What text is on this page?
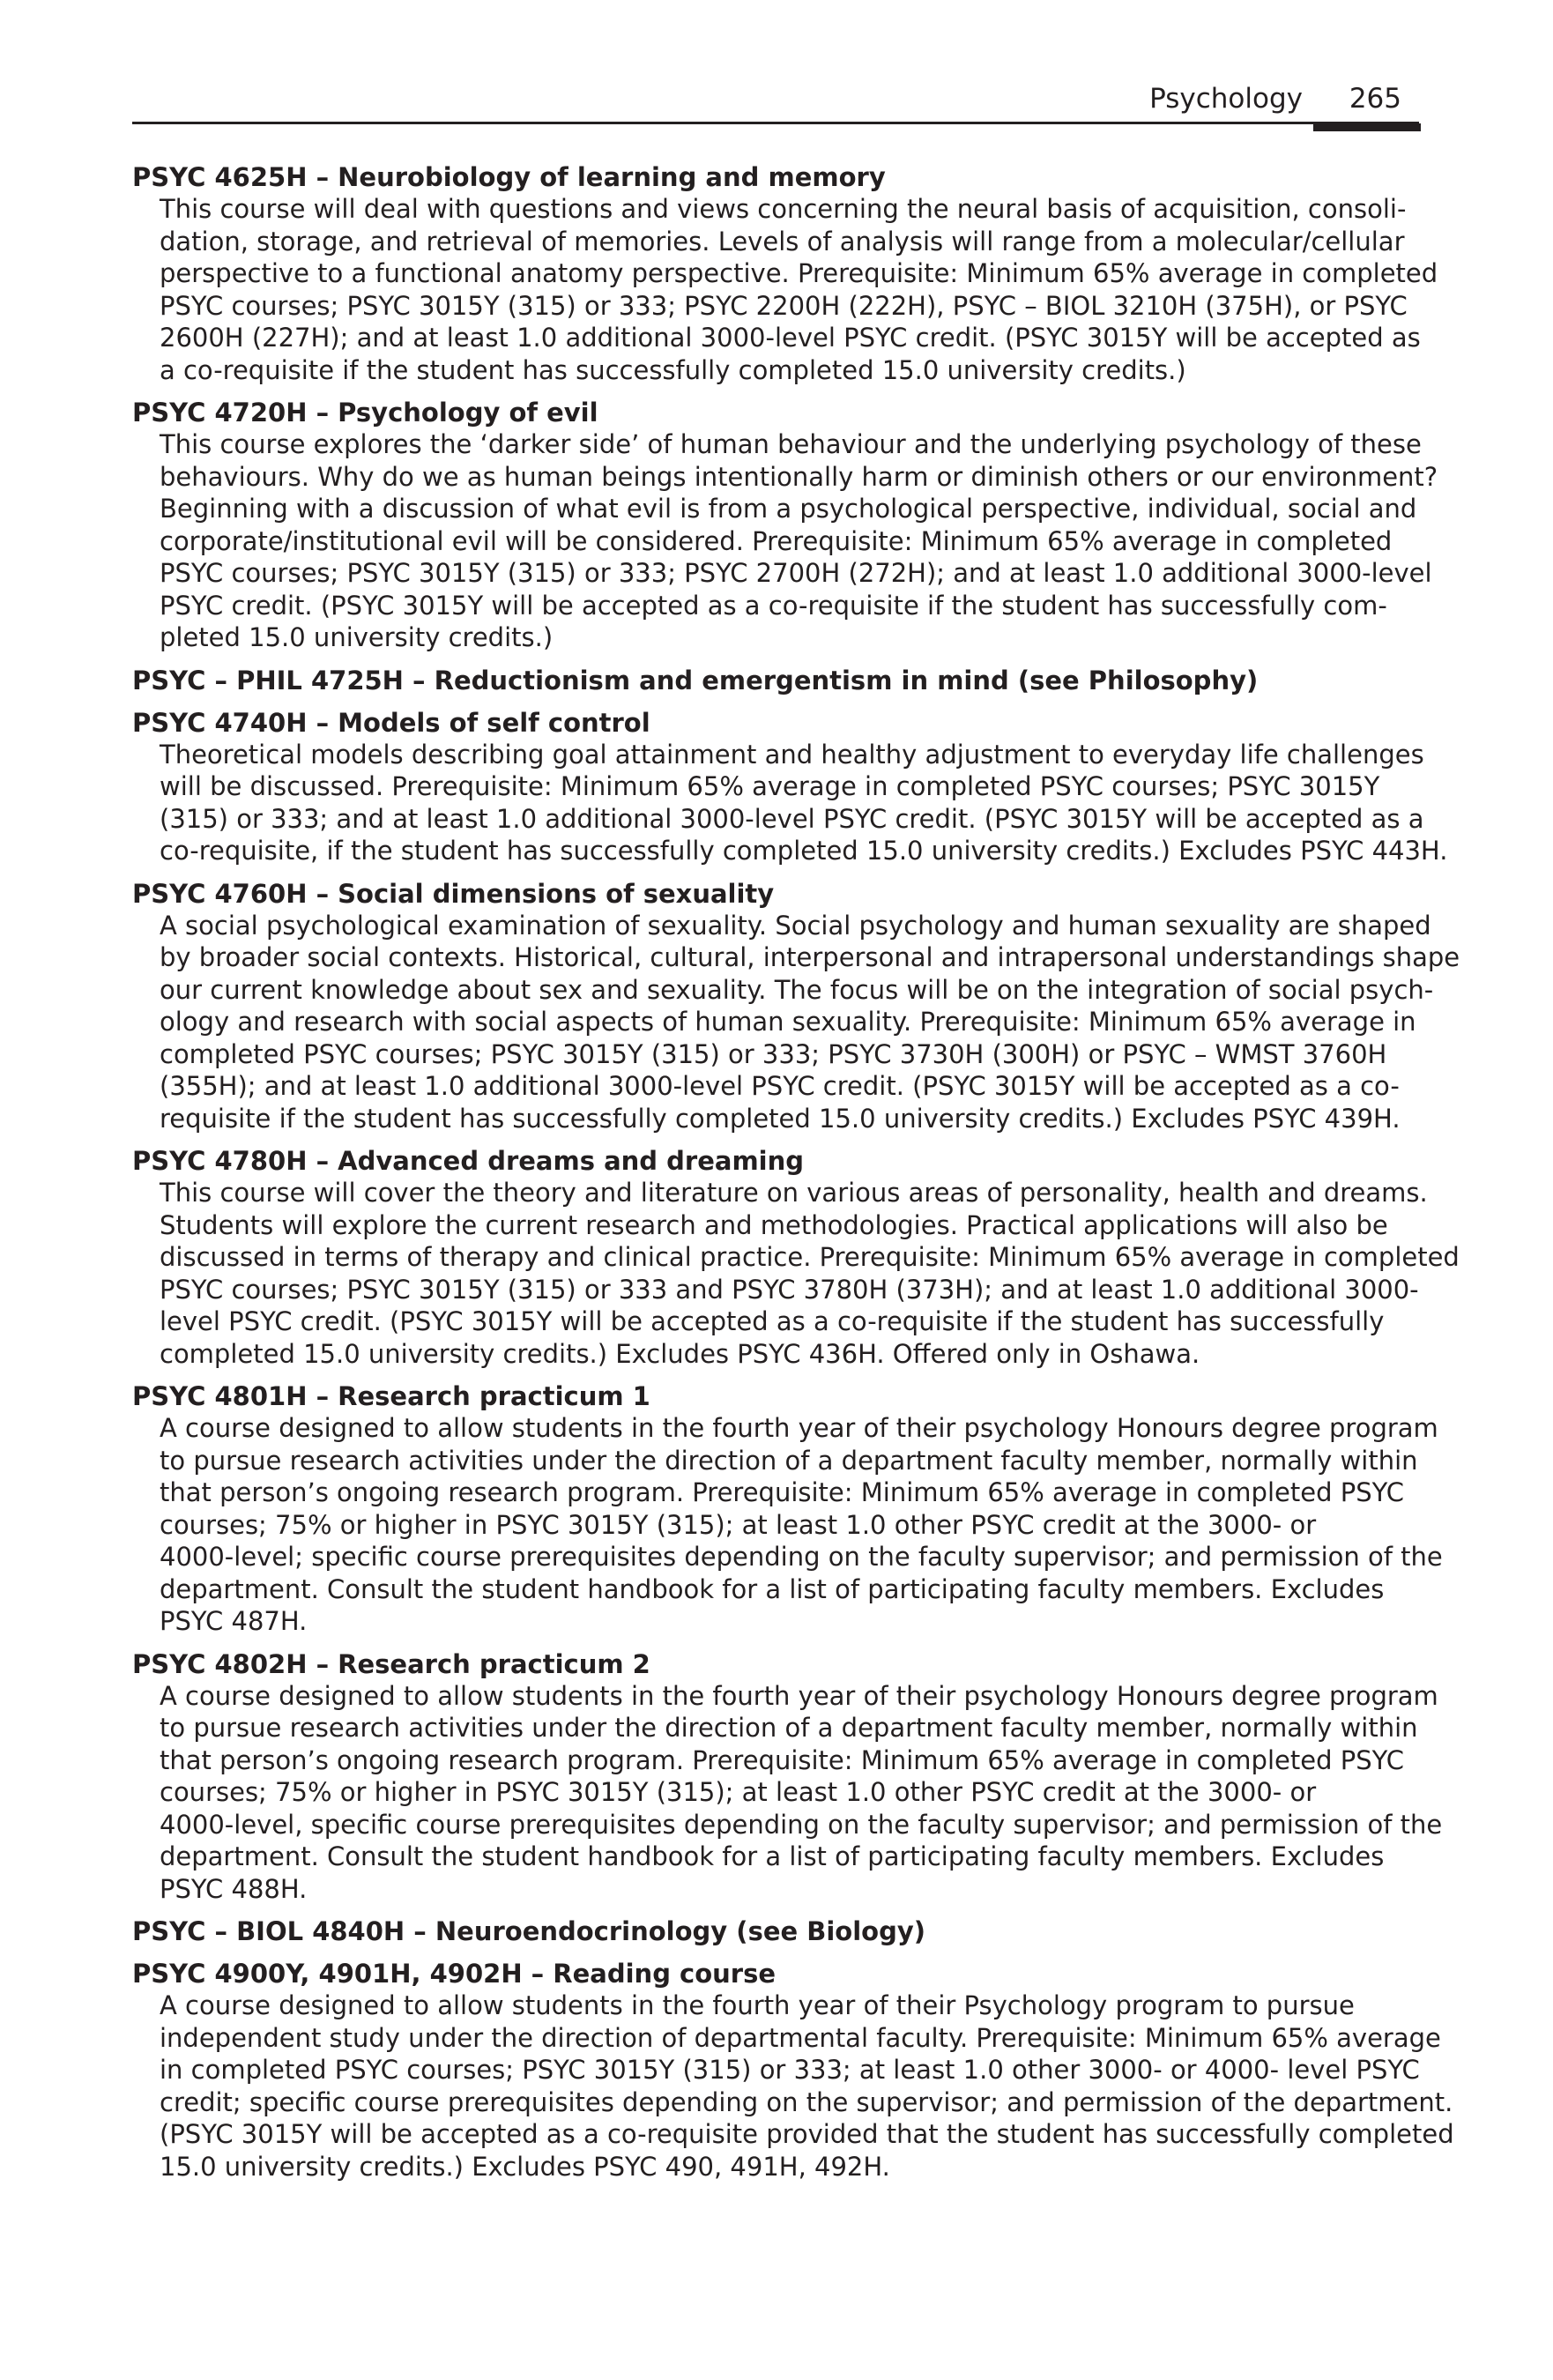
Psychology 265
PSYC 4625H – Neurobiology of learning and memory
This course will deal with questions and views concerning the neural basis of acquisition, consoli-
dation, storage, and retrieval of memories. Levels of analysis will range from a molecular/cellular
perspective to a functional anatomy perspective. Prerequisite: Minimum 65% average in completed
PSYC courses; PSYC 3015Y (315) or 333; PSYC 2200H (222H), PSYC – BIOL 3210H (375H), or PSYC
2600H (227H); and at least 1.0 additional 3000-level PSYC credit. (PSYC 3015Y will be accepted as
a co-requisite if the student has successfully completed 15.0 university credits.)
PSYC 4720H – Psychology of evil
This course explores the ‘darker side’ of human behaviour and the underlying psychology of these
behaviours. Why do we as human beings intentionally harm or diminish others or our environment?
Beginning with a discussion of what evil is from a psychological perspective, individual, social and
corporate/institutional evil will be considered. Prerequisite: Minimum 65% average in completed
PSYC courses; PSYC 3015Y (315) or 333; PSYC 2700H (272H); and at least 1.0 additional 3000-level
PSYC credit. (PSYC 3015Y will be accepted as a co-requisite if the student has successfully com-
pleted 15.0 university credits.)
PSYC – PHIL 4725H – Reductionism and emergentism in mind (see Philosophy)
PSYC 4740H – Models of self control
Theoretical models describing goal attainment and healthy adjustment to everyday life challenges
will be discussed. Prerequisite: Minimum 65% average in completed PSYC courses; PSYC 3015Y
(315) or 333; and at least 1.0 additional 3000-level PSYC credit. (PSYC 3015Y will be accepted as a
co-requisite, if the student has successfully completed 15.0 university credits.) Excludes PSYC 443H.
PSYC 4760H – Social dimensions of sexuality
A social psychological examination of sexuality. Social psychology and human sexuality are shaped
by broader social contexts. Historical, cultural, interpersonal and intrapersonal understandings shape
our current knowledge about sex and sexuality. The focus will be on the integration of social psych-
ology and research with social aspects of human sexuality. Prerequisite: Minimum 65% average in
completed PSYC courses; PSYC 3015Y (315) or 333; PSYC 3730H (300H) or PSYC – WMST 3760H
(355H); and at least 1.0 additional 3000-level PSYC credit. (PSYC 3015Y will be accepted as a co-
requisite if the student has successfully completed 15.0 university credits.) Excludes PSYC 439H.
PSYC 4780H – Advanced dreams and dreaming
This course will cover the theory and literature on various areas of personality, health and dreams.
Students will explore the current research and methodologies. Practical applications will also be
discussed in terms of therapy and clinical practice. Prerequisite: Minimum 65% average in completed
PSYC courses; PSYC 3015Y (315) or 333 and PSYC 3780H (373H); and at least 1.0 additional 3000-
level PSYC credit. (PSYC 3015Y will be accepted as a co-requisite if the student has successfully
completed 15.0 university credits.) Excludes PSYC 436H. Offered only in Oshawa.
PSYC 4801H – Research practicum 1
A course designed to allow students in the fourth year of their psychology Honours degree program
to pursue research activities under the direction of a department faculty member, normally within
that person’s ongoing research program. Prerequisite: Minimum 65% average in completed PSYC
courses; 75% or higher in PSYC 3015Y (315); at least 1.0 other PSYC credit at the 3000- or
4000-level; specific course prerequisites depending on the faculty supervisor; and permission of the
department. Consult the student handbook for a list of participating faculty members. Excludes
PSYC 487H.
PSYC 4802H – Research practicum 2
A course designed to allow students in the fourth year of their psychology Honours degree program
to pursue research activities under the direction of a department faculty member, normally within
that person’s ongoing research program. Prerequisite: Minimum 65% average in completed PSYC
courses; 75% or higher in PSYC 3015Y (315); at least 1.0 other PSYC credit at the 3000- or
4000-level, specific course prerequisites depending on the faculty supervisor; and permission of the
department. Consult the student handbook for a list of participating faculty members. Excludes
PSYC 488H.
PSYC – BIOL 4840H – Neuroendocrinology (see Biology)
PSYC 4900Y, 4901H, 4902H – Reading course
A course designed to allow students in the fourth year of their Psychology program to pursue
independent study under the direction of departmental faculty. Prerequisite: Minimum 65% average
in completed PSYC courses; PSYC 3015Y (315) or 333; at least 1.0 other 3000- or 4000- level PSYC
credit; specific course prerequisites depending on the supervisor; and permission of the department.
(PSYC 3015Y will be accepted as a co-requisite provided that the student has successfully completed
15.0 university credits.) Excludes PSYC 490, 491H, 492H.
